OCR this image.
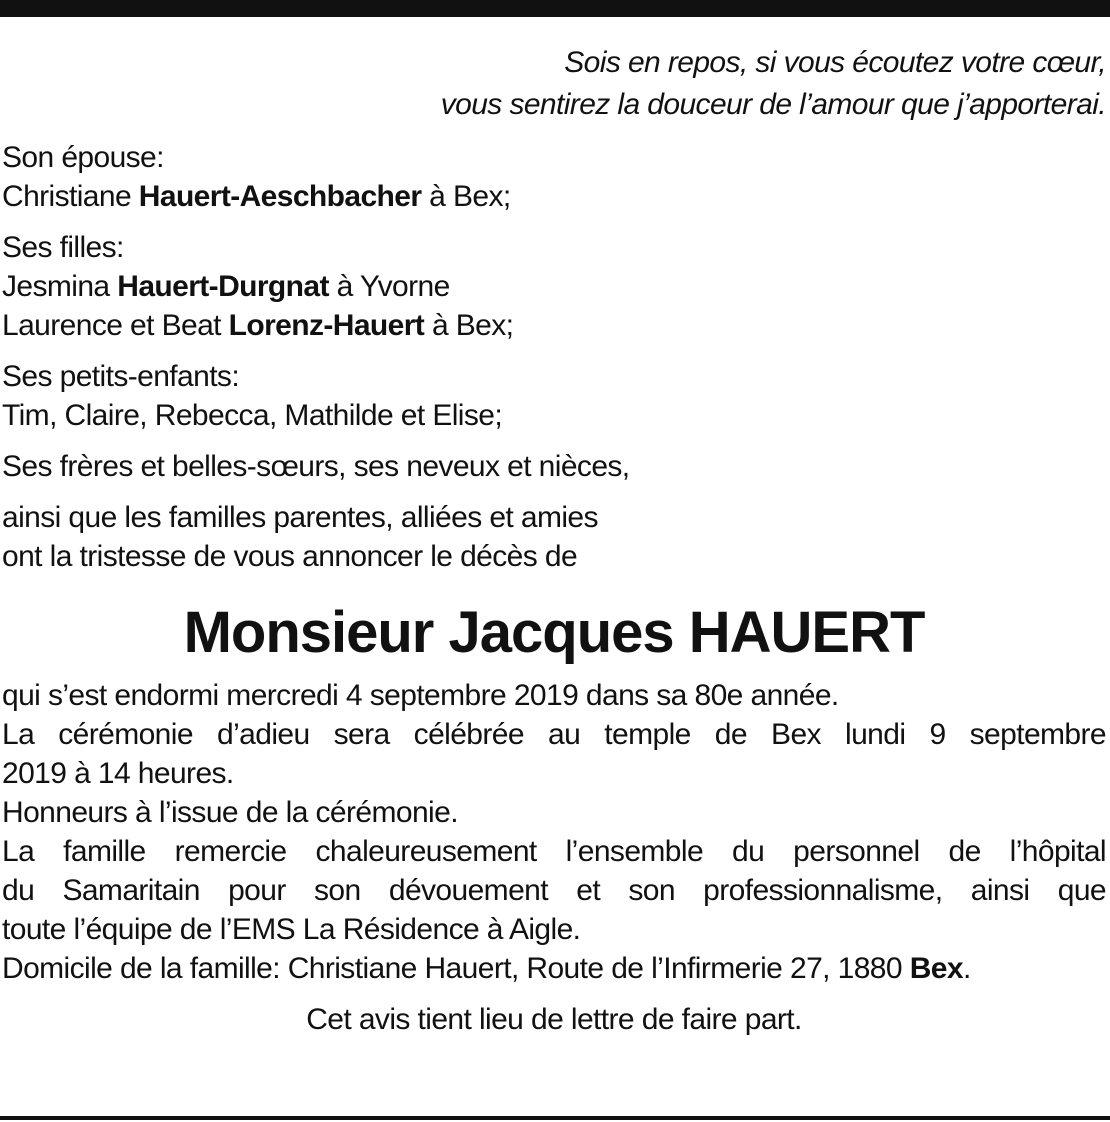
Sois en repos, si vous écoutez votre cœur,
vous sentirez la douceur de l’amour que j’apporterai.
Son épouse:
Christiane Hauert-Aeschbacher à Bex;
Ses filles:
Jesmina Hauert-Durgnat à Yvorne
Laurence et Beat Lorenz-Hauert à Bex;
Ses petits-enfants:
Tim, Claire, Rebecca, Mathilde et Elise;
Ses frères et belles-sœurs, ses neveux et nièces,
ainsi que les familles parentes, alliées et amies
ont la tristesse de vous annoncer le décès de
Monsieur Jacques HAUERT
qui s’est endormi mercredi 4 septembre 2019 dans sa 80e année.
La cérémonie d’adieu sera célébrée au temple de Bex lundi 9 septembre
2019 à 14 heures.
Honneurs à l’issue de la cérémonie.
La famille remercie chaleureusement l’ensemble du personnel de l’hôpital
du Samaritain pour son dévouement et son professionnalisme, ainsi que
toute l’équipe de l’EMS La Résidence à Aigle.
Domicile de la famille: Christiane Hauert, Route de l’Infirmerie 27, 1880 Bex.
Cet avis tient lieu de lettre de faire part.
